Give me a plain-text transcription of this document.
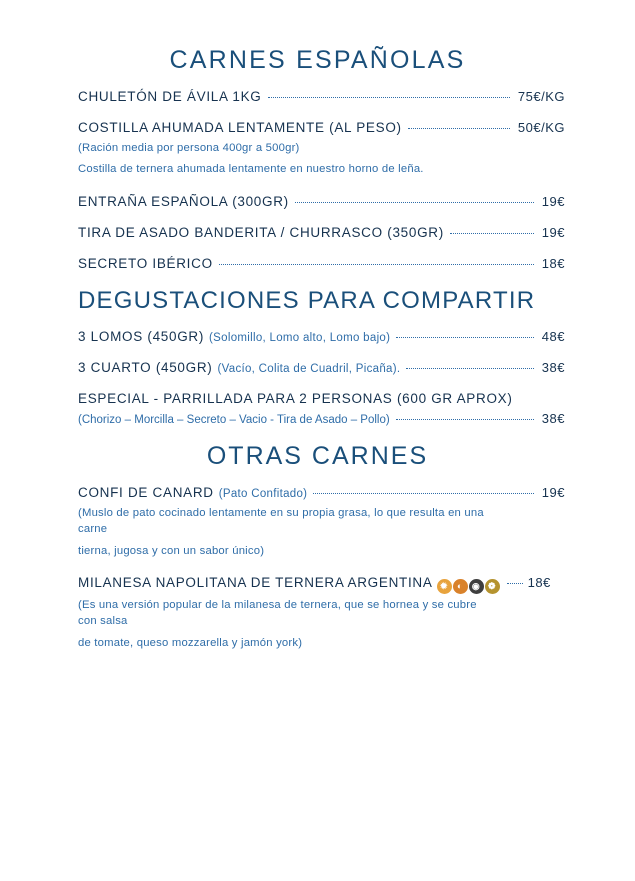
CARNES ESPAÑOLAS
CHULETÓN DE ÁVILA 1KG	75€/KG
COSTILLA AHUMADA LENTAMENTE (AL PESO)	50€/KG
(Ración media por persona 400gr a 500gr)
Costilla de ternera ahumada lentamente en nuestro horno de leña.
ENTRAÑA ESPAÑOLA (300GR)	19€
TIRA DE ASADO BANDERITA / CHURRASCO (350GR)	19€
SECRETO IBÉRICO	18€
DEGUSTACIONES PARA COMPARTIR
3 LOMOS (450GR) (Solomillo, Lomo alto, Lomo bajo)	48€
3 CUARTO (450GR) (Vacío, Colita de Cuadril, Picaña).	38€
ESPECIAL - PARRILLADA PARA 2 PERSONAS (600 GR APROX)
(Chorizo – Morcilla – Secreto – Vacio - Tira de Asado – Pollo)	38€
OTRAS CARNES
CONFI DE CANARD (Pato Confitado)	19€
(Muslo de pato cocinado lentamente en su propia grasa, lo que resulta en una carne
tierna, jugosa y con un sabor único)
MILANESA NAPOLITANA DE TERNERA ARGENTINA ✹ ◐ ◉ ❁ 18€
(Es una versión popular de la milanesa de ternera, que se hornea y se cubre con salsa
de tomate, queso mozzarella y jamón york)
